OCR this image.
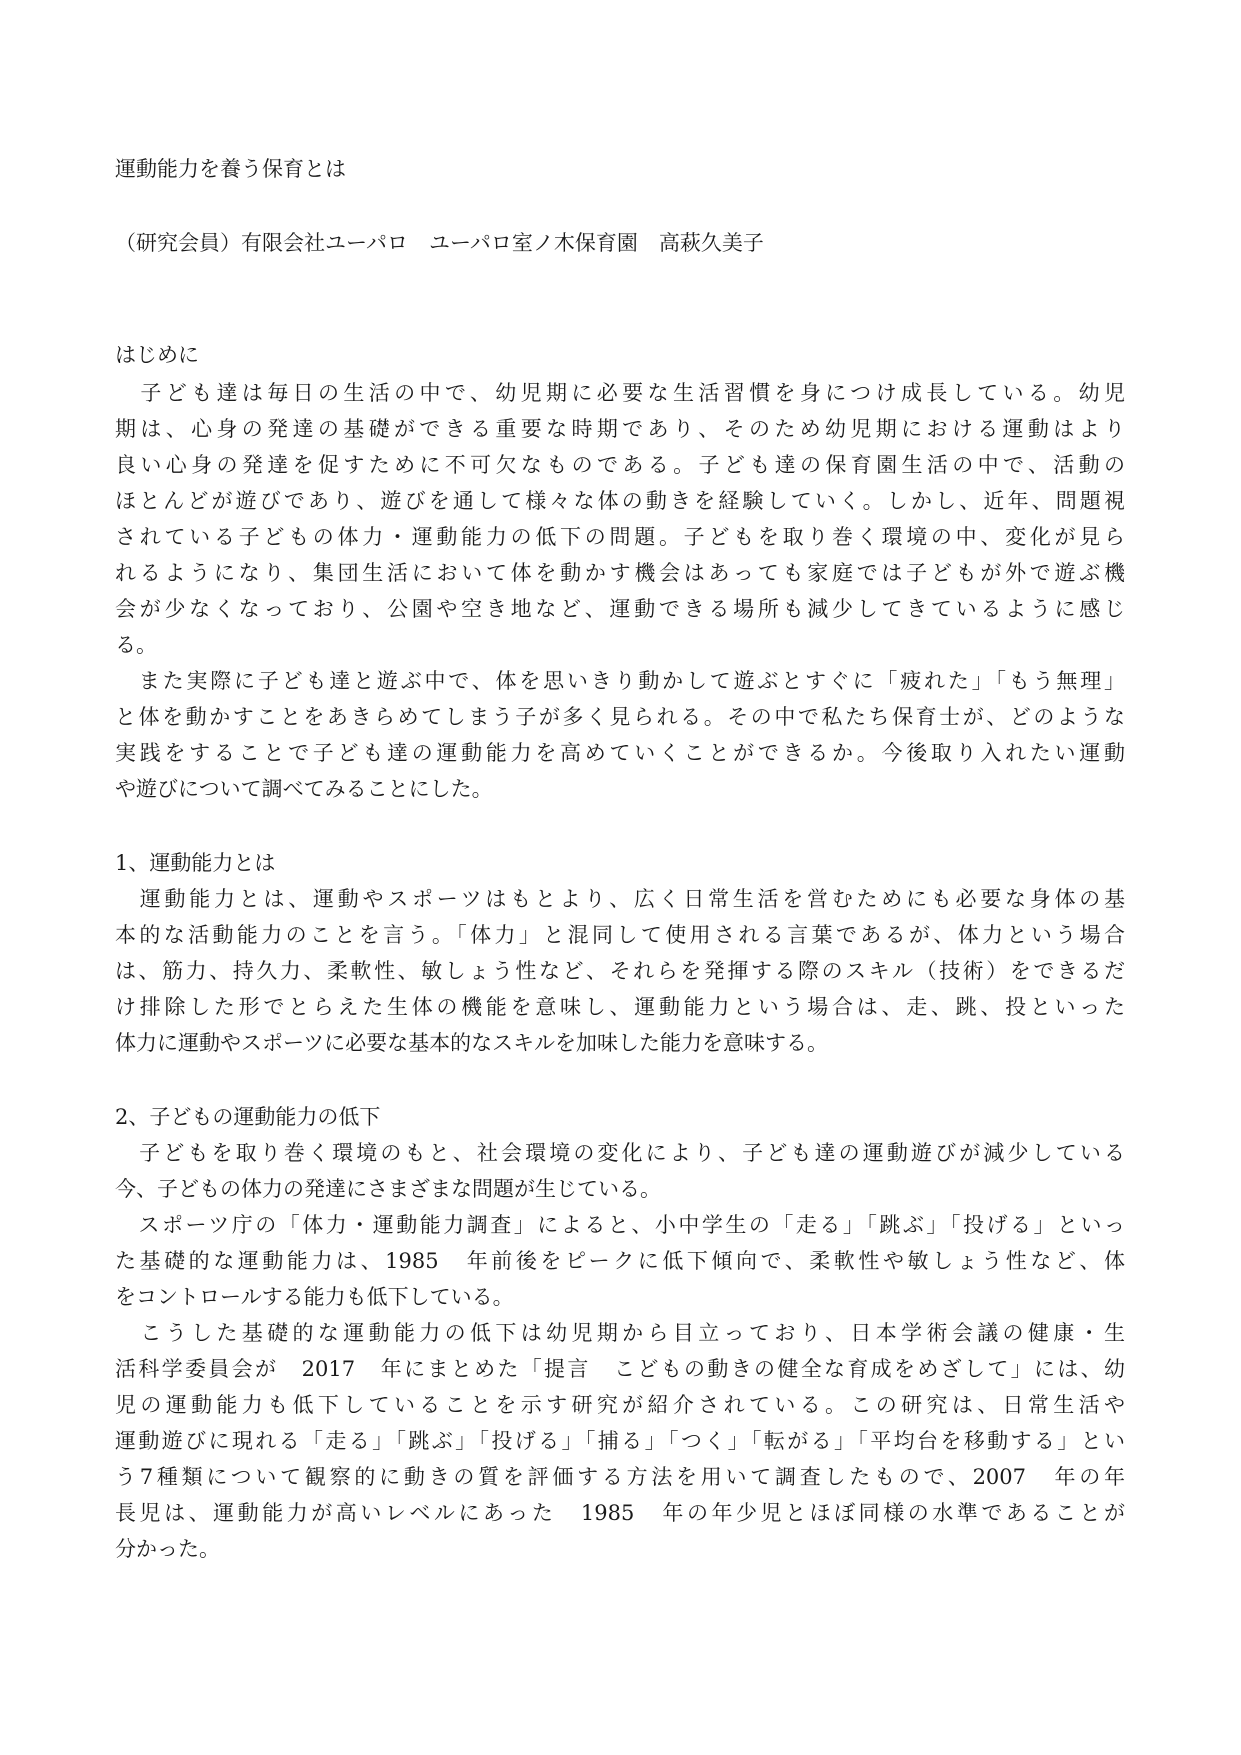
運動能力を養う保育とは
（研究会員）有限会社ユーパロ　ユーパロ室ノ木保育園　高萩久美子
はじめに
　子ども達は毎日の生活の中で、幼児期に必要な生活習慣を身につけ成長している。幼児
期は、心身の発達の基礎ができる重要な時期であり、そのため幼児期における運動はより
良い心身の発達を促すために不可欠なものである。子ども達の保育園生活の中で、活動の
ほとんどが遊びであり、遊びを通して様々な体の動きを経験していく。しかし、近年、問題視
されている子どもの体力・運動能力の低下の問題。子どもを取り巻く環境の中、変化が見ら
れるようになり、集団生活において体を動かす機会はあっても家庭では子どもが外で遊ぶ機
会が少なくなっており、公園や空き地など、運動できる場所も減少してきているように感じ
る。
　また実際に子ども達と遊ぶ中で、体を思いきり動かして遊ぶとすぐに「疲れた」「もう無理」
と体を動かすことをあきらめてしまう子が多く見られる。その中で私たち保育士が、どのような
実践をすることで子ども達の運動能力を高めていくことができるか。今後取り入れたい運動
や遊びについて調べてみることにした。
1、運動能力とは
　運動能力とは、運動やスポーツはもとより、広く日常生活を営むためにも必要な身体の基
本的な活動能力のことを言う。「体力」と混同して使用される言葉であるが、体力という場合
は、筋力、持久力、柔軟性、敏しょう性など、それらを発揮する際のスキル（技術）をできるだ
け排除した形でとらえた生体の機能を意味し、運動能力という場合は、走、跳、投といった
体力に運動やスポーツに必要な基本的なスキルを加味した能力を意味する。
2、子どもの運動能力の低下
　子どもを取り巻く環境のもと、社会環境の変化により、子ども達の運動遊びが減少している
今、子どもの体力の発達にさまざまな問題が生じている。
　スポーツ庁の「体力・運動能力調査」によると、小中学生の「走る」「跳ぶ」「投げる」といっ
た基礎的な運動能力は、1985　年前後をピークに低下傾向で、柔軟性や敏しょう性など、体
をコントロールする能力も低下している。
　こうした基礎的な運動能力の低下は幼児期から目立っており、日本学術会議の健康・生
活科学委員会が　2017　年にまとめた「提言　こどもの動きの健全な育成をめざして」には、幼
児の運動能力も低下していることを示す研究が紹介されている。この研究は、日常生活や
運動遊びに現れる「走る」「跳ぶ」「投げる」「捕る」「つく」「転がる」「平均台を移動する」とい
う7種類について観察的に動きの質を評価する方法を用いて調査したもので、2007　年の年
長児は、運動能力が高いレベルにあった　1985　年の年少児とほぼ同様の水準であることが
分かった。
